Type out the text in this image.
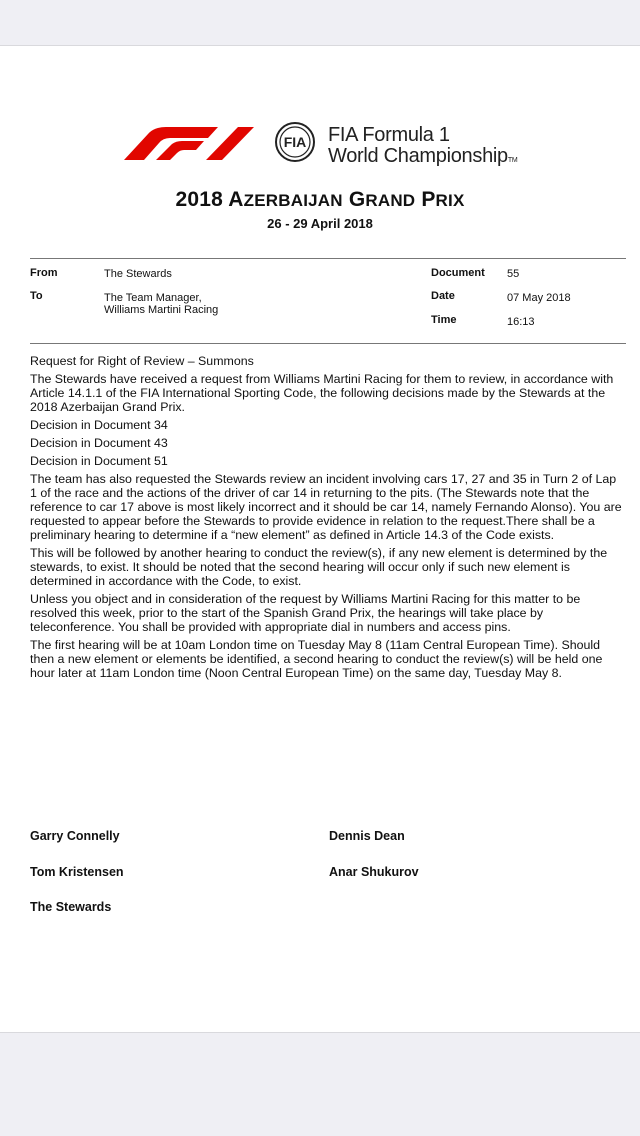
FIA FIA Formula 1
World ChampionshipTM
2018 AZERBAIJAN GRAND PRIX
26 - 29 April 2018
From	The Stewards
To	The Team Manager,
Williams Martini Racing
Document 55
Date	07 May 2018
Time	16:13

Request for Right of Review – Summons

The Stewards have received a request from Williams Martini Racing for them to review, in accordance with Article 14.1.1 of the FIA International Sporting Code, the following decisions made by the Stewards at the 2018 Azerbaijan Grand Prix.

Decision in Document 34

Decision in Document 43

Decision in Document 51

The team has also requested the Stewards review an incident involving cars 17, 27 and 35 in Turn 2 of Lap 1 of the race and the actions of the driver of car 14 in returning to the pits. (The Stewards note that the reference to car 17 above is most likely incorrect and it should be car 14, namely Fernando Alonso). You are requested to appear before the Stewards to provide evidence in relation to the request.There shall be a preliminary hearing to determine if a “new element” as defined in Article 14.3 of the Code exists.

This will be followed by another hearing to conduct the review(s), if any new element is determined by the stewards, to exist. It should be noted that the second hearing will occur only if such new element is determined in accordance with the Code, to exist.

Unless you object and in consideration of the request by Williams Martini Racing for this matter to be resolved this week, prior to the start of the Spanish Grand Prix, the hearings will take place by teleconference. You shall be provided with appropriate dial in numbers and access pins.

The first hearing will be at 10am London time on Tuesday May 8 (11am Central European Time). Should then a new element or elements be identified, a second hearing to conduct the review(s) will be held one hour later at 11am London time (Noon Central European Time) on the same day, Tuesday May 8.

Garry Connelly	Dennis Dean
Tom Kristensen	Anar Shukurov
The Stewards
